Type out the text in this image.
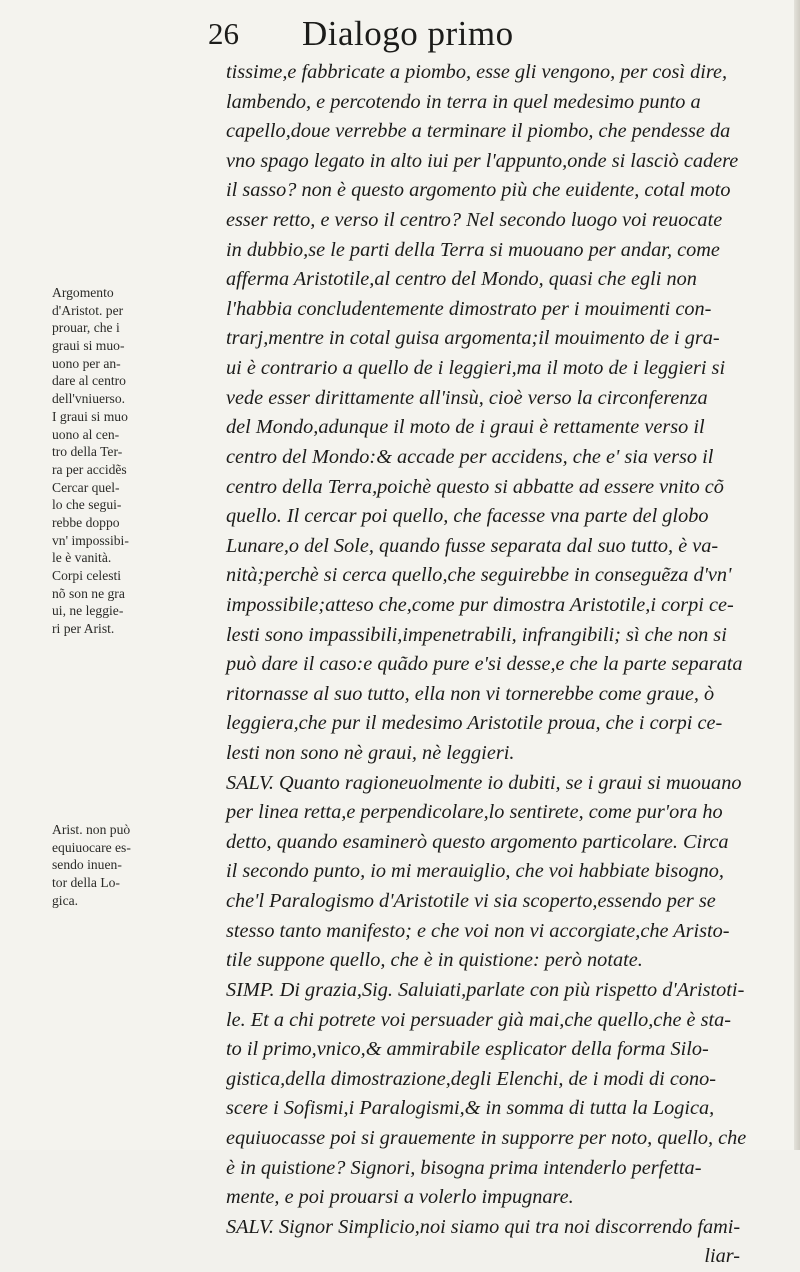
26 Dialogo primo
Argomento
d'Aristot. per
prouar, che i
graui si muo-
uono per an-
dare al centro
dell'vniuerso.
I graui si muo
uono al cen-
tro della Ter-
ra per accidẽs
Cercar quel-
lo che segui-
rebbe doppo
vn' impossibi-
le è vanità.
Corpi celesti
nõ son ne gra
ui, ne leggie-
ri per Arist.
Arist. non può
equiuocare es-
sendo inuen-
tor della Lo-
gica.
tissime,e fabbricate a piombo, esse gli vengono, per così dire,
lambendo, e percotendo in terra in quel medesimo punto a
capello,doue verrebbe a terminare il piombo, che pendesse da
vno spago legato in alto iui per l'appunto,onde si lasciò cadere
il sasso? non è questo argomento più che euidente, cotal moto
esser retto, e verso il centro? Nel secondo luogo voi reuocate
in dubbio,se le parti della Terra si muouano per andar, come
afferma Aristotile,al centro del Mondo, quasi che egli non
l'habbia concludentemente dimostrato per i mouimenti con-
trarj,mentre in cotal guisa argomenta;il mouimento de i gra-
ui è contrario a quello de i leggieri,ma il moto de i leggieri si
vede esser dirittamente all'insù, cioè verso la circonferenza
del Mondo,adunque il moto de i graui è rettamente verso il
centro del Mondo:& accade per accidens, che e' sia verso il
centro della Terra,poichè questo si abbatte ad essere vnito cõ
quello. Il cercar poi quello, che facesse vna parte del globo
Lunare,o del Sole, quando fusse separata dal suo tutto, è va-
nità;perchè si cerca quello,che seguirebbe in conseguẽza d'vn'
impossibile;atteso che,come pur dimostra Aristotile,i corpi ce-
lesti sono impassibili,impenetrabili, infrangibili; sì che non si
può dare il caso:e quãdo pure e'si desse,e che la parte separata
ritornasse al suo tutto, ella non vi tornerebbe come graue, ò
leggiera,che pur il medesimo Aristotile proua, che i corpi ce-
lesti non sono nè graui, nè leggieri.
SALV. Quanto ragioneuolmente io dubiti, se i graui si muouano
per linea retta,e perpendicolare,lo sentirete, come pur'ora ho
detto, quando esaminerò questo argomento particolare. Circa
il secondo punto, io mi merauiglio, che voi habbiate bisogno,
che'l Paralogismo d'Aristotile vi sia scoperto,essendo per se
stesso tanto manifesto; e che voi non vi accorgiate,che Aristo-
tile suppone quello, che è in quistione: però notate.
SIMP. Di grazia,Sig. Saluiati,parlate con più rispetto d'Aristoti-
le. Et a chi potrete voi persuader già mai,che quello,che è sta-
to il primo,vnico,& ammirabile esplicator della forma Silo-
gistica,della dimostrazione,degli Elenchi, de i modi di cono-
scere i Sofismi,i Paralogismi,& in somma di tutta la Logica,
equiuocasse poi si grauemente in supporre per noto, quello, che
è in quistione? Signori, bisogna prima intenderlo perfetta-
mente, e poi prouarsi a volerlo impugnare.
SALV. Signor Simplicio,noi siamo qui tra noi discorrendo fami-
liar-
